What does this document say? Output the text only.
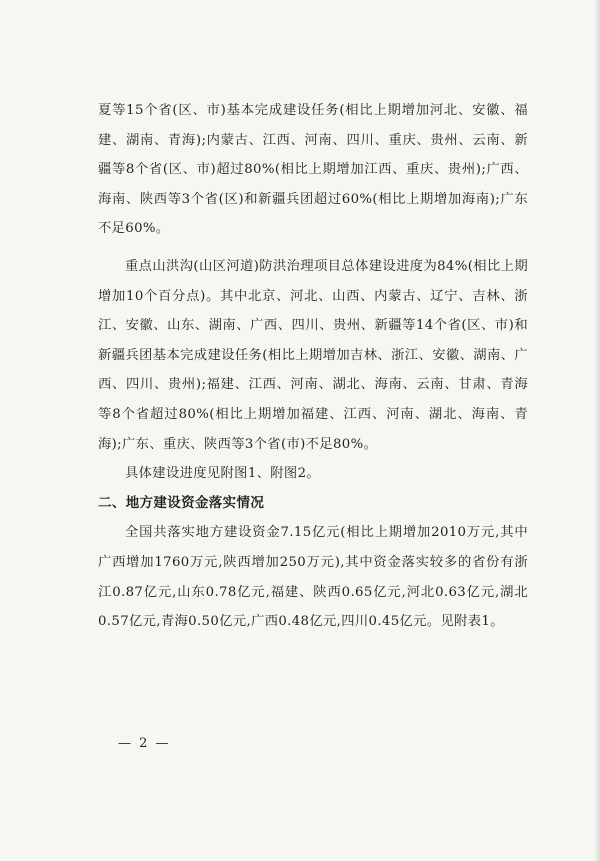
夏等15个省(区、市)基本完成建设任务(相比上期增加河北、安徽、福建、湖南、青海);内蒙古、江西、河南、四川、重庆、贵州、云南、新疆等8个省(区、市)超过80%(相比上期增加江西、重庆、贵州);广西、海南、陕西等3个省(区)和新疆兵团超过60%(相比上期增加海南);广东不足60%。

重点山洪沟(山区河道)防洪治理项目总体建设进度为84%(相比上期增加10个百分点)。其中北京、河北、山西、内蒙古、辽宁、吉林、浙江、安徽、山东、湖南、广西、四川、贵州、新疆等14个省(区、市)和新疆兵团基本完成建设任务(相比上期增加吉林、浙江、安徽、湖南、广西、四川、贵州);福建、江西、河南、湖北、海南、云南、甘肃、青海等8个省超过80%(相比上期增加福建、江西、河南、湖北、海南、青海);广东、重庆、陕西等3个省(市)不足80%。

具体建设进度见附图1、附图2。

二、地方建设资金落实情况

全国共落实地方建设资金7.15亿元(相比上期增加2010万元,其中广西增加1760万元,陕西增加250万元),其中资金落实较多的省份有浙江0.87亿元,山东0.78亿元,福建、陕西0.65亿元,河北0.63亿元,湖北0.57亿元,青海0.50亿元,广西0.48亿元,四川0.45亿元。见附表1。

— 2 —
